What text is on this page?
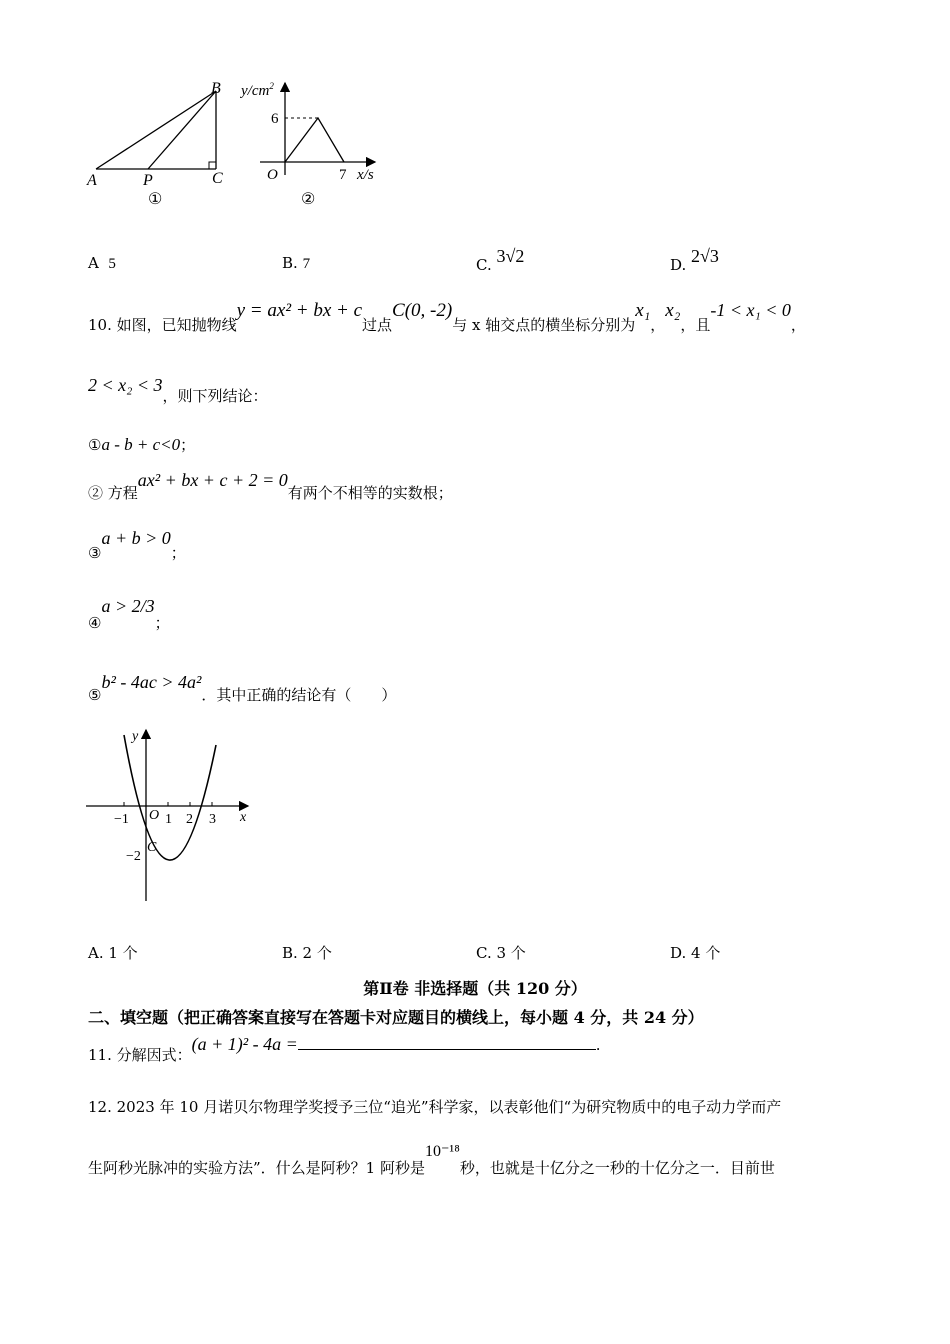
B
A	P	C
①
$y/cm^2$
6
O	7 x/s
②
A 5	B. 7	C. 3√2	D. 2√3
10. 如图，已知抛物线y = ax² + bx + c过点C(0, -2)与 x 轴交点的横坐标分别为x₁，x₂，且-1 < x₁ < 0，
2 < x₂ < 3，则下列结论：
①a - b + c<0；
② 方程ax² + bx + c + 2 = 0有两个不相等的实数根；
③a + b > 0；
④a > 2/3；
⑤b² - 4ac > 4a²．其中正确的结论有（　　）
y
x
O
−1	1 2 3
−2
C
A. 1 个	B. 2 个	C. 3 个	D. 4 个
第Ⅱ卷 非选择题（共 120 分）
二、填空题（把正确答案直接写在答题卡对应题目的横线上，每小题 4 分，共 24 分）
11. 分解因式：(a + 1)² - 4a =	.
12. 2023 年 10 月诺贝尔物理学奖授予三位“追光”科学家，以表彰他们“为研究物质中的电子动力学而产
生阿秒光脉冲的实验方法”．什么是阿秒？1 阿秒是10⁻¹⁸秒，也就是十亿分之一秒的十亿分之一．目前世
